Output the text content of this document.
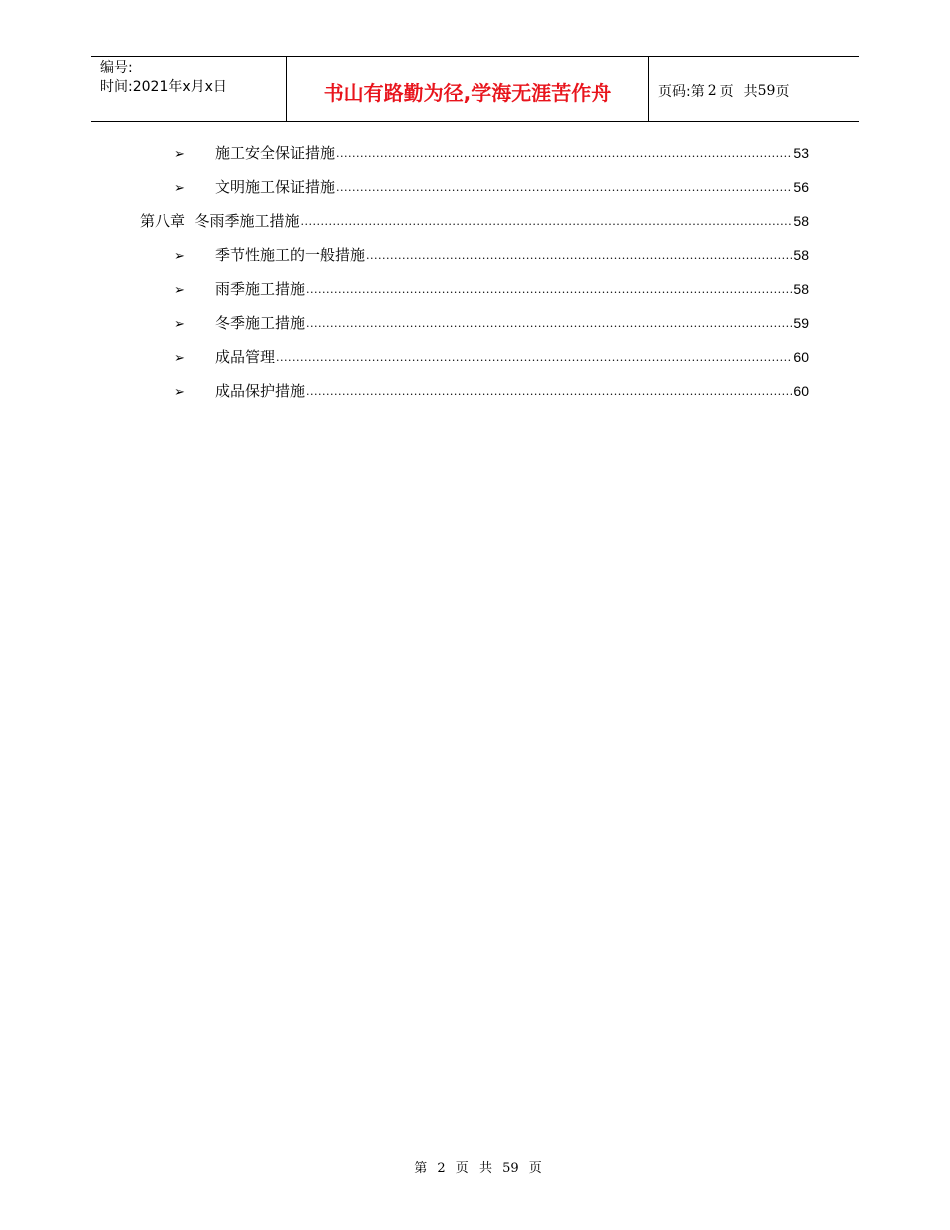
编号:
时间:2021年x月x日	书山有路勤为径,学海无涯苦作舟	页码:第 2 页 共 59 页
➢	施工安全保证措施 .....	53
➢	文明施工保证措施 .....	56
第八章  冬雨季施工措施 .....	58
➢	季节性施工的一般措施 .....	58
➢	雨季施工措施 .....	58
➢	冬季施工措施 .....	59
➢	成品管理 .....	60
➢	成品保护措施 .....	60
第 2 页 共 59 页
